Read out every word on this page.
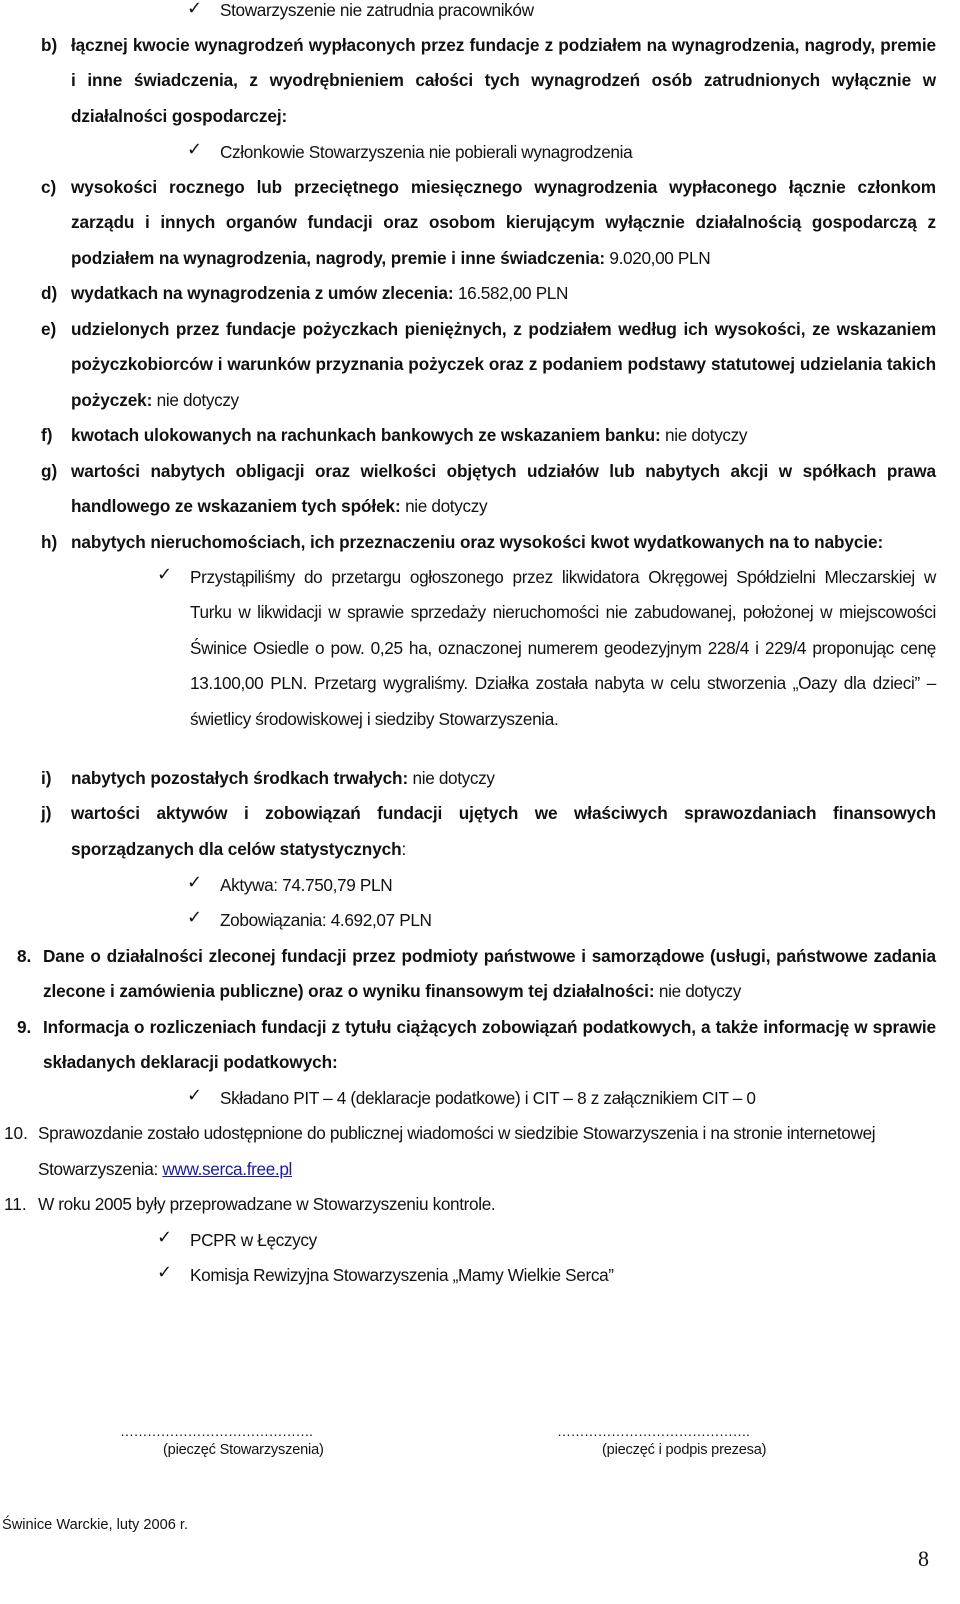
✓ Stowarzyszenie nie zatrudnia pracowników
b) łącznej kwocie wynagrodzeń wypłaconych przez fundacje z podziałem na wynagrodzenia, nagrody, premie
i inne świadczenia, z wyodrębnieniem całości tych wynagrodzeń osób zatrudnionych wyłącznie w
działalności gospodarczej:
✓ Członkowie Stowarzyszenia nie pobierali wynagrodzenia
c) wysokości rocznego lub przeciętnego miesięcznego wynagrodzenia wypłaconego łącznie członkom
zarządu i innych organów fundacji oraz osobom kierującym wyłącznie działalnością gospodarczą z
podziałem na wynagrodzenia, nagrody, premie i inne świadczenia: 9.020,00 PLN
d) wydatkach na wynagrodzenia z umów zlecenia: 16.582,00 PLN
e) udzielonych przez fundacje pożyczkach pieniężnych, z podziałem według ich wysokości, ze wskazaniem
pożyczkobiorców i warunków przyznania pożyczek oraz z podaniem podstawy statutowej udzielania takich
pożyczek: nie dotyczy
f) kwotach ulokowanych na rachunkach bankowych ze wskazaniem banku: nie dotyczy
g) wartości nabytych obligacji oraz wielkości objętych udziałów lub nabytych akcji w spółkach prawa
handlowego ze wskazaniem tych spółek: nie dotyczy
h) nabytych nieruchomościach, ich przeznaczeniu oraz wysokości kwot wydatkowanych na to nabycie:
✓ Przystąpiliśmy do przetargu ogłoszonego przez likwidatora Okręgowej Spółdzielni Mleczarskiej w
Turku w likwidacji w sprawie sprzedaży nieruchomości nie zabudowanej, położonej w miejscowości
Świnice Osiedle o pow. 0,25 ha, oznaczonej numerem geodezyjnym 228/4 i 229/4 proponując cenę
13.100,00 PLN. Przetarg wygraliśmy. Działka została nabyta w celu stworzenia „Oazy dla dzieci” –
świetlicy środowiskowej i siedziby Stowarzyszenia.
i) nabytych pozostałych środkach trwałych: nie dotyczy
j) wartości aktywów i zobowiązań fundacji ujętych we właściwych sprawozdaniach finansowych
sporządzanych dla celów statystycznych:
✓ Aktywa: 74.750,79 PLN
✓ Zobowiązania: 4.692,07 PLN
8. Dane o działalności zleconej fundacji przez podmioty państwowe i samorządowe (usługi, państwowe zadania
zlecone i zamówienia publiczne) oraz o wyniku finansowym tej działalności: nie dotyczy
9. Informacja o rozliczeniach fundacji z tytułu ciążących zobowiązań podatkowych, a także informację w sprawie
składanych deklaracji podatkowych:
✓ Składano PIT – 4 (deklaracje podatkowe) i CIT – 8 z załącznikiem CIT – 0
10. Sprawozdanie zostało udostępnione do publicznej wiadomości w siedzibie Stowarzyszenia i na stronie internetowej
Stowarzyszenia: www.serca.free.pl
11. W roku 2005 były przeprowadzane w Stowarzyszeniu kontrole.
✓ PCPR w Łęczycy
✓ Komisja Rewizyjna Stowarzyszenia „Mamy Wielkie Serca”
…………………………………….
(pieczęć Stowarzyszenia)
…………………………………….
(pieczęć i podpis prezesa)
Świnice Warckie, luty 2006 r.
8
